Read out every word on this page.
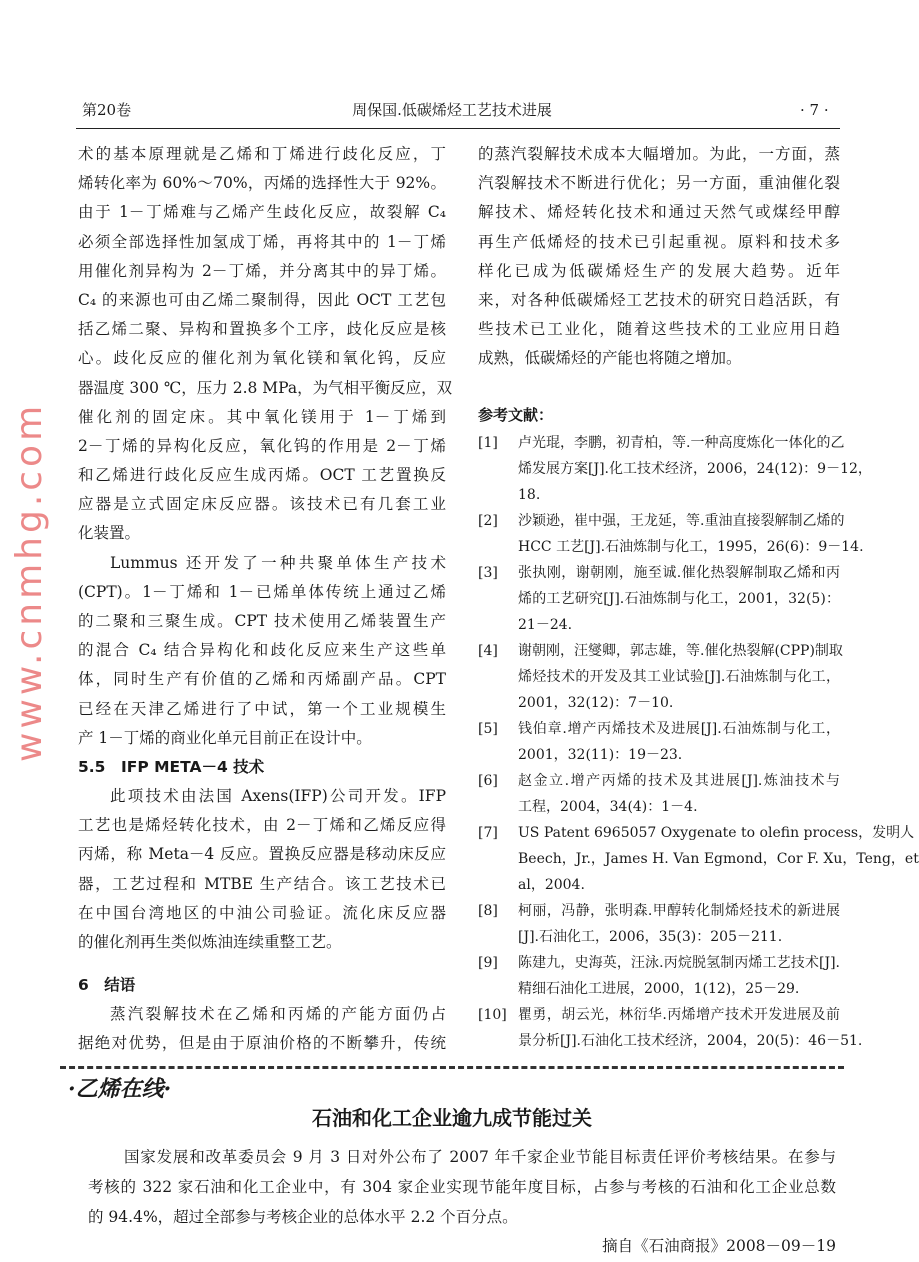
第20卷	周保国.低碳烯烃工艺技术进展	· 7 ·
术的基本原理就是乙烯和丁烯进行歧化反应，丁
烯转化率为 60%～70%，丙烯的选择性大于 92%。
由于 1－丁烯难与乙烯产生歧化反应，故裂解 C₄
必须全部选择性加氢成丁烯，再将其中的 1－丁烯
用催化剂异构为 2－丁烯，并分离其中的异丁烯。
C₄ 的来源也可由乙烯二聚制得，因此 OCT 工艺包
括乙烯二聚、异构和置换多个工序，歧化反应是核
心。歧化反应的催化剂为氧化镁和氧化钨，反应
器温度 300 ℃，压力 2.8 MPa，为气相平衡反应，双
催化剂的固定床。其中氧化镁用于 1－丁烯到
2－丁烯的异构化反应，氧化钨的作用是 2－丁烯
和乙烯进行歧化反应生成丙烯。OCT 工艺置换反
应器是立式固定床反应器。该技术已有几套工业
化装置。
Lummus 还开发了一种共聚单体生产技术
(CPT)。1－丁烯和 1－已烯单体传统上通过乙烯
的二聚和三聚生成。CPT 技术使用乙烯装置生产
的混合 C₄ 结合异构化和歧化反应来生产这些单
体，同时生产有价值的乙烯和丙烯副产品。CPT
已经在天津乙烯进行了中试，第一个工业规模生
产 1－丁烯的商业化单元目前正在设计中。
5.5　IFP META－4 技术
此项技术由法国 Axens(IFP)公司开发。IFP
工艺也是烯烃转化技术，由 2－丁烯和乙烯反应得
丙烯，称 Meta－4 反应。置换反应器是移动床反应
器，工艺过程和 MTBE 生产结合。该工艺技术已
在中国台湾地区的中油公司验证。流化床反应器
的催化剂再生类似炼油连续重整工艺。
6　结语
蒸汽裂解技术在乙烯和丙烯的产能方面仍占
据绝对优势，但是由于原油价格的不断攀升，传统
的蒸汽裂解技术成本大幅增加。为此，一方面，蒸
汽裂解技术不断进行优化；另一方面，重油催化裂
解技术、烯烃转化技术和通过天然气或煤经甲醇
再生产低烯烃的技术已引起重视。原料和技术多
样化已成为低碳烯烃生产的发展大趋势。近年
来，对各种低碳烯烃工艺技术的研究日趋活跃，有
些技术已工业化，随着这些技术的工业应用日趋
成熟，低碳烯烃的产能也将随之增加。
参考文献：
[1]	卢光琨，李鹏，初青柏，等.一种高度炼化一体化的乙
烯发展方案[J].化工技术经济，2006，24(12)：9－12，
18.
[2]	沙颖逊，崔中强，王龙延，等.重油直接裂解制乙烯的
HCC 工艺[J].石油炼制与化工，1995，26(6)：9－14.
[3]	张执刚，谢朝刚，施至诚.催化热裂解制取乙烯和丙
烯的工艺研究[J].石油炼制与化工，2001，32(5)：
21－24.
[4]	谢朝刚，汪燮卿，郭志雄，等.催化热裂解(CPP)制取
烯烃技术的开发及其工业试验[J].石油炼制与化工，
2001，32(12)：7－10.
[5]	钱伯章.增产丙烯技术及进展[J].石油炼制与化工，
2001，32(11)：19－23.
[6]	赵金立.增产丙烯的技术及其进展[J].炼油技术与
工程，2004，34(4)：1－4.
[7]	US Patent 6965057 Oxygenate to olefin process，发明人
Beech，Jr.，James H. Van Egmond，Cor F. Xu，Teng，et
al，2004.
[8]	柯丽，冯静，张明森.甲醇转化制烯烃技术的新进展
[J].石油化工，2006，35(3)：205－211.
[9]	陈建九，史海英，汪泳.丙烷脱氢制丙烯工艺技术[J].
精细石油化工进展，2000，1(12)，25－29.
[10] 瞿勇，胡云光，林衍华.丙烯增产技术开发进展及前
景分析[J].石油化工技术经济，2004，20(5)：46－51.
·乙烯在线·
石油和化工企业逾九成节能过关
国家发展和改革委员会 9 月 3 日对外公布了 2007 年千家企业节能目标责任评价考核结果。在参与
考核的 322 家石油和化工企业中，有 304 家企业实现节能年度目标，占参与考核的石油和化工企业总数
的 94.4%，超过全部参与考核企业的总体水平 2.2 个百分点。
摘自《石油商报》2008－09－19
www.cnmhg.com
